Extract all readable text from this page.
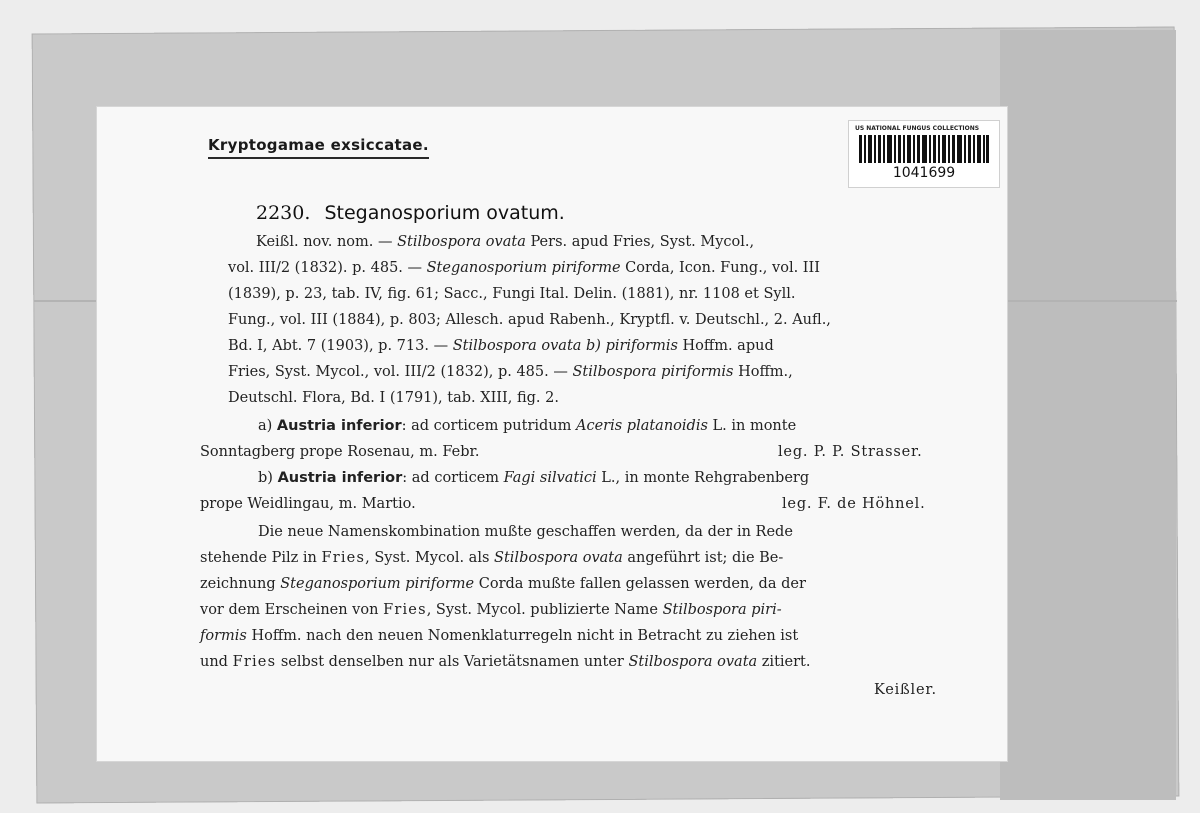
Kryptogamae exsiccatae.
US NATIONAL FUNGUS COLLECTIONS
1041699
2230. Steganosporium ovatum.
Keißl. nov. nom. — Stilbospora ovata Pers. apud Fries, Syst. Mycol.,
vol. III/2 (1832). p. 485. — Steganosporium piriforme Corda, Icon. Fung., vol. III
(1839), p. 23, tab. IV, fig. 61; Sacc., Fungi Ital. Delin. (1881), nr. 1108 et Syll.
Fung., vol. III (1884), p. 803; Allesch. apud Rabenh., Kryptfl. v. Deutschl., 2. Aufl.,
Bd. I, Abt. 7 (1903), p. 713. — Stilbospora ovata b) piriformis Hoffm. apud
Fries, Syst. Mycol., vol. III/2 (1832), p. 485. — Stilbospora piriformis Hoffm.,
Deutschl. Flora, Bd. I (1791), tab. XIII, fig. 2.
a) Austria inferior: ad corticem putridum Aceris platanoidis L. in monte
Sonntagberg prope Rosenau, m. Febr.	leg. P. P. Strasser.
b) Austria inferior: ad corticem Fagi silvatici L., in monte Rehgrabenberg
prope Weidlingau, m. Martio.	leg. F. de Höhnel.
Die neue Namenskombination mußte geschaffen werden, da der in Rede
stehende Pilz in Fries, Syst. Mycol. als Stilbospora ovata angeführt ist; die Be-
zeichnung Steganosporium piriforme Corda mußte fallen gelassen werden, da der
vor dem Erscheinen von Fries, Syst. Mycol. publizierte Name Stilbospora piri-
formis Hoffm. nach den neuen Nomenklaturregeln nicht in Betracht zu ziehen ist
und Fries selbst denselben nur als Varietätsnamen unter Stilbospora ovata zitiert.
Keißler.
